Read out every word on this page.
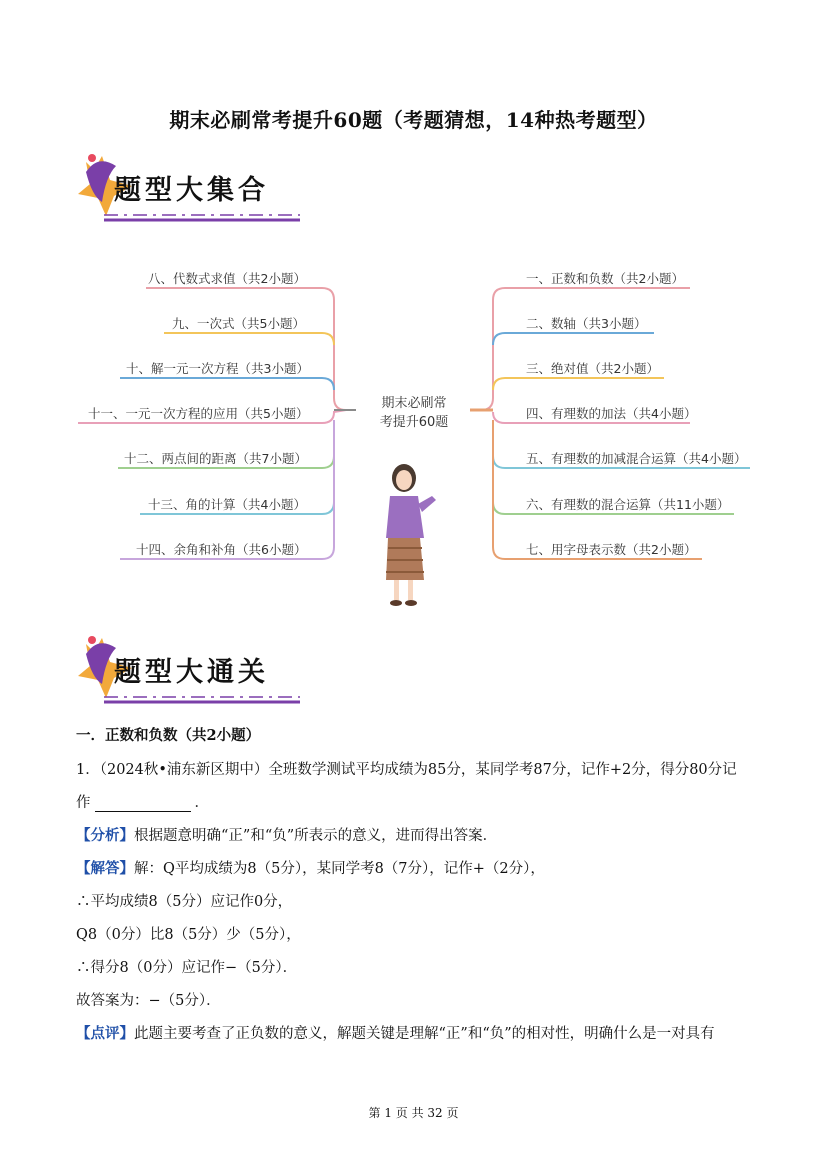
期末必刷常考提升60题（考题猜想，14种热考题型）
题型大集合
期末必刷常
考提升60题
八、代数式求值（共2小题）
九、一次式（共5小题）
十、解一元一次方程（共3小题）
十一、一元一次方程的应用（共5小题）
十二、两点间的距离（共7小题）
十三、角的计算（共4小题）
十四、余角和补角（共6小题）
一、正数和负数（共2小题）
二、数轴（共3小题）
三、绝对值（共2小题）
四、有理数的加法（共4小题）
五、有理数的加减混合运算（共4小题）
六、有理数的混合运算（共11小题）
七、用字母表示数（共2小题）
题型大通关
一．正数和负数（共2小题）
1．（2024秋•浦东新区期中）全班数学测试平均成绩为85分，某同学考87分，记作+2分，得分80分记
作	．
【分析】根据题意明确“正”和“负”所表示的意义，进而得出答案．
【解答】解：Q平均成绩为8（5分），某同学考8（7分），记作+（2分），
∴平均成绩8（5分）应记作0分，
Q8（0分）比8（5分）少（5分），
∴得分8（0分）应记作−（5分）．
故答案为：−（5分）．
【点评】此题主要考查了正负数的意义，解题关键是理解“正”和“负”的相对性，明确什么是一对具有
第 1 页 共 32 页
